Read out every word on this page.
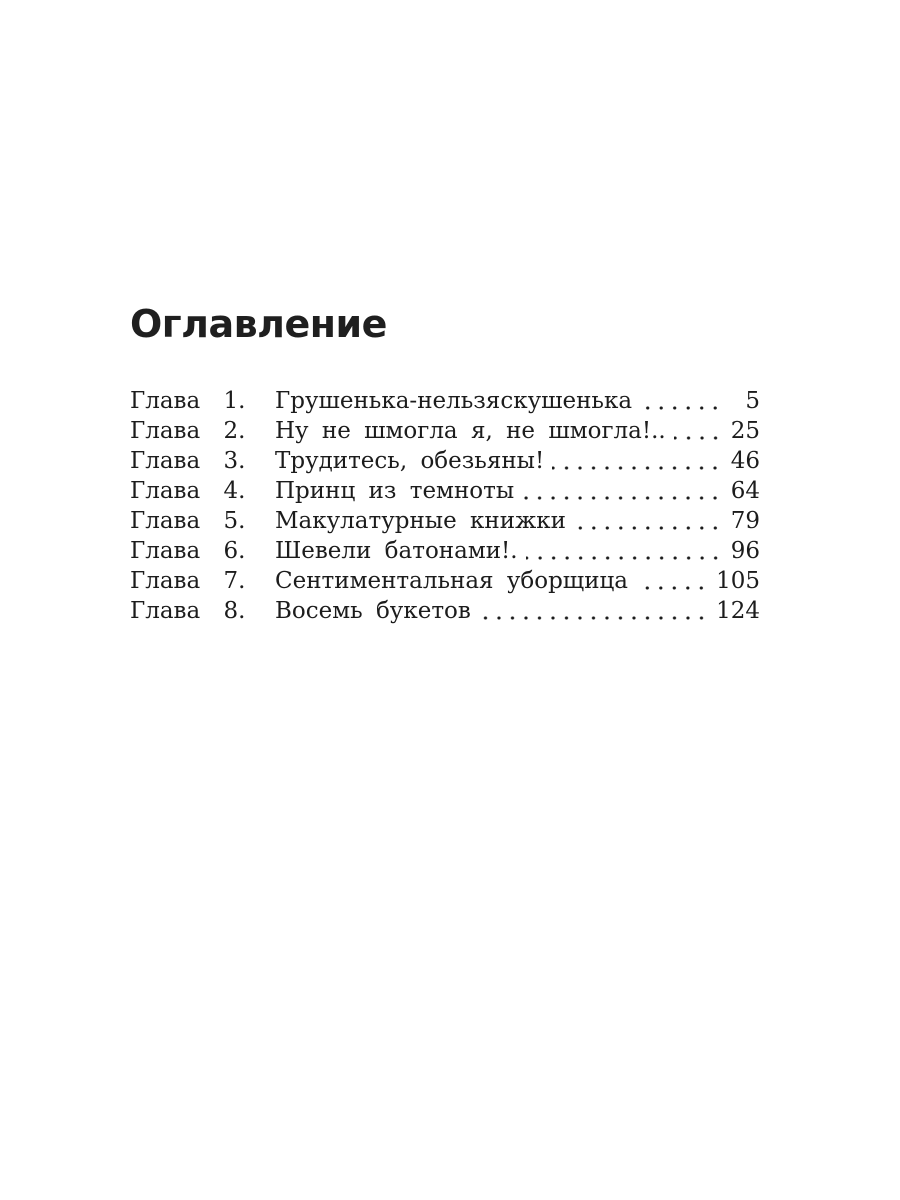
Оглавление
Глава 1.	Грушенька-нельзяскушенька	5
Глава 2.	Ну не шмогла я, не шмогла!..	25
Глава 3.	Трудитесь, обезьяны!	46
Глава 4.	Принц из темноты	64
Глава 5.	Макулатурные книжки	79
Глава 6.	Шевели батонами!.	96
Глава 7.	Сентиментальная уборщица	105
Глава 8.	Восемь букетов	124
